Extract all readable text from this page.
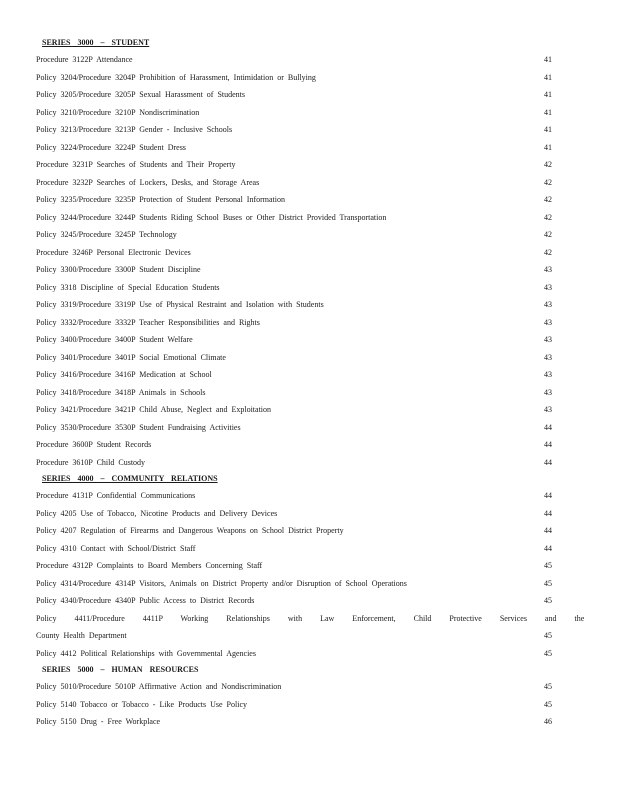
SERIES 3000 – STUDENT
Procedure 3122P Attendance	41
Policy 3204/Procedure 3204P Prohibition of Harassment, Intimidation or Bullying	41
Policy 3205/Procedure 3205P Sexual Harassment of Students	41
Policy 3210/Procedure 3210P Nondiscrimination	41
Policy 3213/Procedure 3213P Gender - Inclusive Schools	41
Policy 3224/Procedure 3224P Student Dress	41
Procedure 3231P Searches of Students and Their Property	42
Procedure 3232P Searches of Lockers, Desks, and Storage Areas	42
Policy 3235/Procedure 3235P Protection of Student Personal Information	42
Policy 3244/Procedure 3244P Students Riding School Buses or Other District Provided Transportation	42
Policy 3245/Procedure 3245P Technology	42
Procedure 3246P Personal Electronic Devices	42
Policy 3300/Procedure 3300P Student Discipline	43
Policy 3318 Discipline of Special Education Students	43
Policy 3319/Procedure 3319P Use of Physical Restraint and Isolation with Students	43
Policy 3332/Procedure 3332P Teacher Responsibilities and Rights	43
Policy 3400/Procedure 3400P Student Welfare	43
Policy 3401/Procedure 3401P Social Emotional Climate	43
Policy 3416/Procedure 3416P Medication at School	43
Policy 3418/Procedure 3418P Animals in Schools	43
Policy 3421/Procedure 3421P Child Abuse, Neglect and Exploitation	43
Policy 3530/Procedure 3530P Student Fundraising Activities	44
Procedure 3600P Student Records	44
Procedure 3610P Child Custody	44
SERIES 4000 – COMMUNITY RELATIONS
Procedure 4131P Confidential Communications	44
Policy 4205 Use of Tobacco, Nicotine Products and Delivery Devices	44
Policy 4207 Regulation of Firearms and Dangerous Weapons on School District Property	44
Policy 4310 Contact with School/District Staff	44
Procedure 4312P Complaints to Board Members Concerning Staff	45
Policy 4314/Procedure 4314P Visitors, Animals on District Property and/or Disruption of School Operations	45
Policy 4340/Procedure 4340P Public Access to District Records	45
Policy 4411/Procedure 4411P Working Relationships with Law Enforcement, Child Protective Services and the
County Health Department	45
Policy 4412 Political Relationships with Governmental Agencies	45
SERIES 5000 – HUMAN RESOURCES
Policy 5010/Procedure 5010P Affirmative Action and Nondiscrimination	45
Policy 5140 Tobacco or Tobacco - Like Products Use Policy	45
Policy 5150 Drug - Free Workplace	46
